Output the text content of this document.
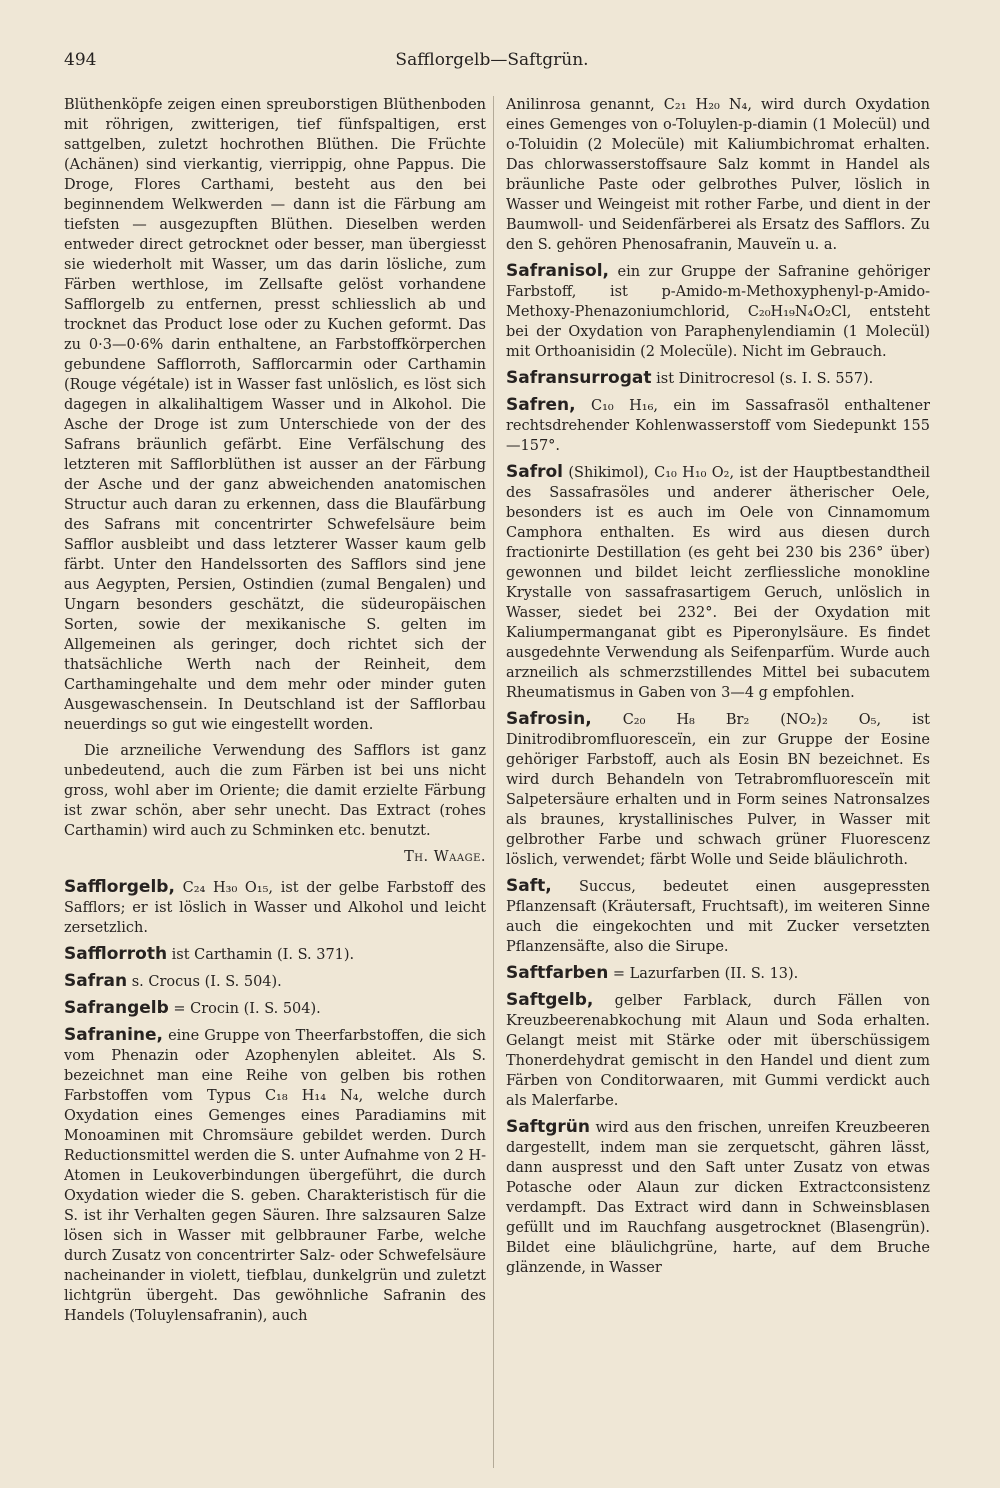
494	Safflorgelb—Saftgrün.

Blüthenköpfe zeigen einen spreuborstigen Blüthenboden mit röhrigen, zwitterigen, tief fünfspaltigen, erst sattgelben, zuletzt hochrothen Blüthen. Die Früchte (Achänen) sind vierkantig, vierrippig, ohne Pappus. Die Droge, Flores Carthami, besteht aus den bei beginnendem Welkwerden — dann ist die Färbung am tiefsten — ausgezupften Blüthen. Dieselben werden entweder direct getrocknet oder besser, man übergiesst sie wiederholt mit Wasser, um das darin lösliche, zum Färben werthlose, im Zellsafte gelöst vorhandene Safflorgelb zu entfernen, presst schliesslich ab und trocknet das Product lose oder zu Kuchen geformt. Das zu 0·3—0·6% darin enthaltene, an Farbstoffkörperchen gebundene Safflorroth, Safflorcarmin oder Carthamin (Rouge végétale) ist in Wasser fast unlöslich, es löst sich dagegen in alkalihaltigem Wasser und in Alkohol. Die Asche der Droge ist zum Unterschiede von der des Safrans bräunlich gefärbt. Eine Verfälschung des letzteren mit Safflorblüthen ist ausser an der Färbung der Asche und der ganz abweichenden anatomischen Structur auch daran zu erkennen, dass die Blaufärbung des Safrans mit concentrirter Schwefelsäure beim Safflor ausbleibt und dass letzterer Wasser kaum gelb färbt. Unter den Handelssorten des Safflors sind jene aus Aegypten, Persien, Ostindien (zumal Bengalen) und Ungarn besonders geschätzt, die südeuropäischen Sorten, sowie der mexikanische S. gelten im Allgemeinen als geringer, doch richtet sich der thatsächliche Werth nach der Reinheit, dem Carthamingehalte und dem mehr oder minder guten Ausgewaschensein. In Deutschland ist der Safflorbau neuerdings so gut wie eingestellt worden.

Die arzneiliche Verwendung des Safflors ist ganz unbedeutend, auch die zum Färben ist bei uns nicht gross, wohl aber im Oriente; die damit erzielte Färbung ist zwar schön, aber sehr unecht. Das Extract (rohes Carthamin) wird auch zu Schminken etc. benutzt.

Th. Waage.

Safflorgelb, C₂₄ H₃₀ O₁₅, ist der gelbe Farbstoff des Safflors; er ist löslich in Wasser und Alkohol und leicht zersetzlich.

Safflorroth ist Carthamin (I. S. 371).

Safran s. Crocus (I. S. 504).

Safrangelb = Crocin (I. S. 504).

Safranine, eine Gruppe von Theerfarbstoffen, die sich vom Phenazin oder Azophenylen ableitet. Als S. bezeichnet man eine Reihe von gelben bis rothen Farbstoffen vom Typus C₁₈ H₁₄ N₄, welche durch Oxydation eines Gemenges eines Paradiamins mit Monoaminen mit Chromsäure gebildet werden. Durch Reductionsmittel werden die S. unter Aufnahme von 2 H-Atomen in Leukoverbindungen übergeführt, die durch Oxydation wieder die S. geben. Charakteristisch für die S. ist ihr Verhalten gegen Säuren. Ihre salzsauren Salze lösen sich in Wasser mit gelbbrauner Farbe, welche durch Zusatz von concentrirter Salz- oder Schwefelsäure nacheinander in violett, tiefblau, dunkelgrün und zuletzt lichtgrün übergeht. Das gewöhnliche Safranin des Handels (Toluylensafranin), auch

Anilinrosa genannt, C₂₁ H₂₀ N₄, wird durch Oxydation eines Gemenges von o-Toluylen-p-diamin (1 Molecül) und o-Toluidin (2 Molecüle) mit Kaliumbichromat erhalten. Das chlorwasserstoffsaure Salz kommt in Handel als bräunliche Paste oder gelbrothes Pulver, löslich in Wasser und Weingeist mit rother Farbe, und dient in der Baumwoll- und Seidenfärberei als Ersatz des Safflors. Zu den S. gehören Phenosafranin, Mauveïn u. a.

Safranisol, ein zur Gruppe der Safranine gehöriger Farbstoff, ist p-Amido-m-Methoxyphenyl-p-Amido-Methoxy-Phenazoniumchlorid, C₂₀H₁₉N₄O₂Cl, entsteht bei der Oxydation von Paraphenylendiamin (1 Molecül) mit Orthoanisidin (2 Molecüle). Nicht im Gebrauch.

Safransurrogat ist Dinitrocresol (s. I. S. 557).

Safren, C₁₀ H₁₆, ein im Sassafrasöl enthaltener rechtsdrehender Kohlenwasserstoff vom Siedepunkt 155—157°.

Safrol (Shikimol), C₁₀ H₁₀ O₂, ist der Hauptbestandtheil des Sassafrasöles und anderer ätherischer Oele, besonders ist es auch im Oele von Cinnamomum Camphora enthalten. Es wird aus diesen durch fractionirte Destillation (es geht bei 230 bis 236° über) gewonnen und bildet leicht zerfliessliche monokline Krystalle von sassafrasartigem Geruch, unlöslich in Wasser, siedet bei 232°. Bei der Oxydation mit Kaliumpermanganat gibt es Piperonylsäure. Es findet ausgedehnte Verwendung als Seifenparfüm. Wurde auch arzneilich als schmerzstillendes Mittel bei subacutem Rheumatismus in Gaben von 3—4 g empfohlen.

Safrosin, C₂₀ H₈ Br₂ (NO₂)₂ O₅, ist Dinitrodibromfluoresceïn, ein zur Gruppe der Eosine gehöriger Farbstoff, auch als Eosin BN bezeichnet. Es wird durch Behandeln von Tetrabromfluoresceïn mit Salpetersäure erhalten und in Form seines Natronsalzes als braunes, krystallinisches Pulver, in Wasser mit gelbrother Farbe und schwach grüner Fluorescenz löslich, verwendet; färbt Wolle und Seide bläulichroth.

Saft, Succus, bedeutet einen ausgepressten Pflanzensaft (Kräutersaft, Fruchtsaft), im weiteren Sinne auch die eingekochten und mit Zucker versetzten Pflanzensäfte, also die Sirupe.

Saftfarben = Lazurfarben (II. S. 13).

Saftgelb, gelber Farblack, durch Fällen von Kreuzbeerenabkochung mit Alaun und Soda erhalten. Gelangt meist mit Stärke oder mit überschüssigem Thonerdehydrat gemischt in den Handel und dient zum Färben von Conditorwaaren, mit Gummi verdickt auch als Malerfarbe.

Saftgrün wird aus den frischen, unreifen Kreuzbeeren dargestellt, indem man sie zerquetscht, gähren lässt, dann auspresst und den Saft unter Zusatz von etwas Potasche oder Alaun zur dicken Extractconsistenz verdampft. Das Extract wird dann in Schweinsblasen gefüllt und im Rauchfang ausgetrocknet (Blasengrün). Bildet eine bläulichgrüne, harte, auf dem Bruche glänzende, in Wasser
